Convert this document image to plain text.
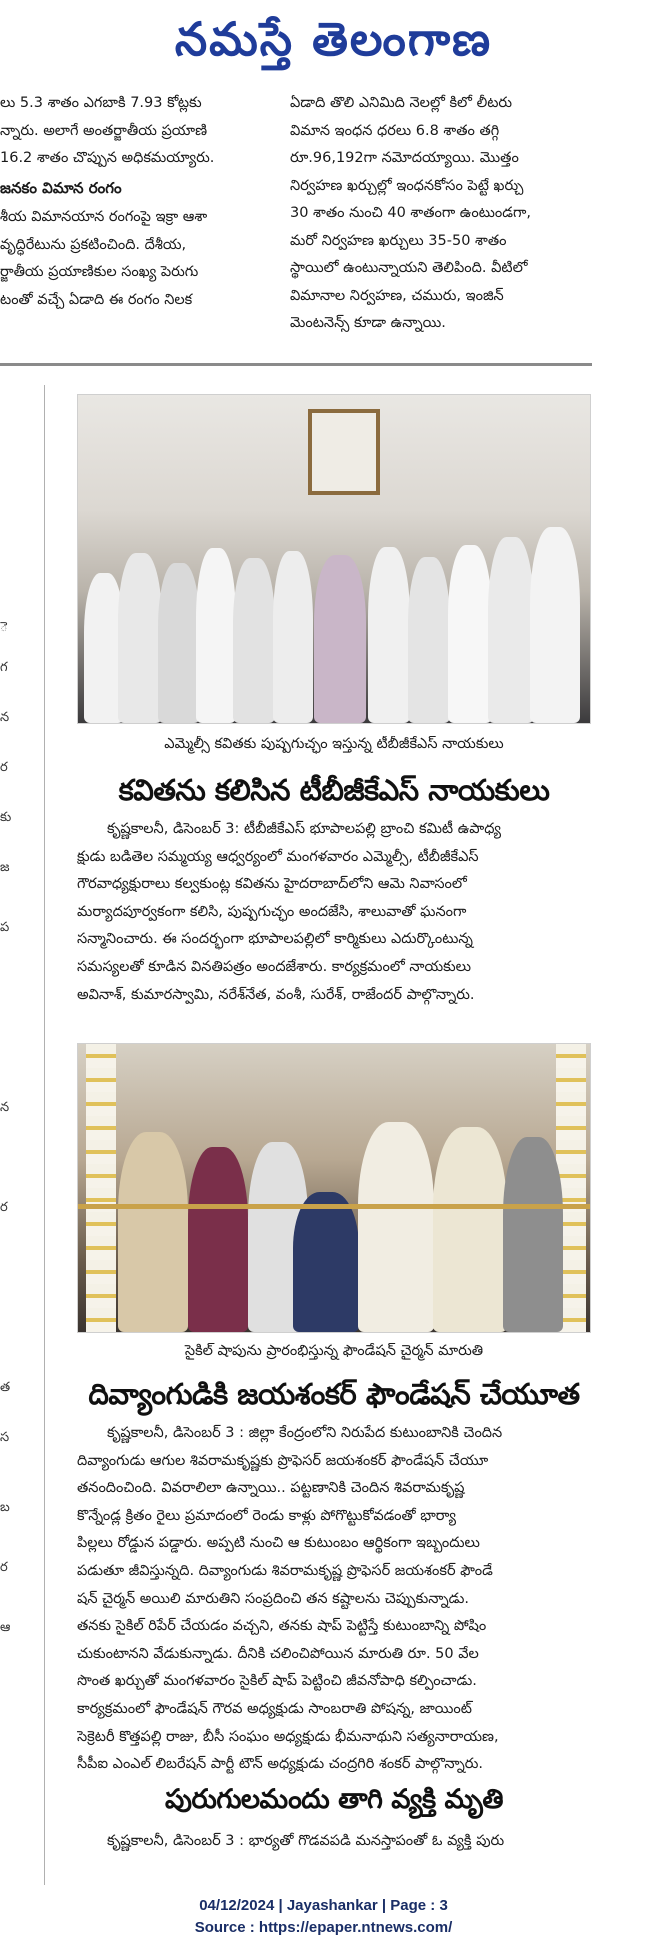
నమస్తే తెలంగాణ

లు 5.3 శాతం ఎగబాకి 7.93 కోట్లకు

న్నారు. అలాగే అంతర్జాతీయ ప్రయాణి

16.2 శాతం చొప్పున అధికమయ్యారు.

జనకం విమాన రంగం

శీయ విమానయాన రంగంపై ఇక్రా ఆశా

వృద్ధిరేటును ప్రకటించింది. దేశీయ,

ర్జాతీయ ప్రయాణికుల సంఖ్య పెరుగు

టంతో వచ్చే ఏడాది ఈ రంగం నిలక

ఏడాది తొలి ఎనిమిది నెలల్లో కిలో లీటరు

విమాన ఇంధన ధరలు 6.8 శాతం తగ్గి

రూ.96,192గా నమోదయ్యాయి. మొత్తం

నిర్వహణ ఖర్చుల్లో ఇంధనకోసం పెట్టే ఖర్చు

30 శాతం నుంచి 40 శాతంగా ఉంటుండగా,

మరో నిర్వహణ ఖర్చులు 35-50 శాతం

స్థాయిలో ఉంటున్నాయని తెలిపింది. వీటిలో

విమానాల నిర్వహణ, చమురు, ఇంజిన్

మెంటనెన్స్ కూడా ఉన్నాయి.

ె
గ
న
ర
కు
జ
ప
న
ర
త
స
బ
ర
ఆ
ఎమ్మెల్సీ కవితకు పుష్పగుచ్ఛం ఇస్తున్న టీబీజీకేఎస్ నాయకులు
కవితను కలిసిన టీబీజీకేఎస్ నాయకులు

కృష్ణకాలనీ, డిసెంబర్ 3: టీబీజీకేఎస్ భూపాలపల్లి బ్రాంచి కమిటీ ఉపాధ్య

క్షుడు బడితెల సమ్మయ్య ఆధ్వర్యంలో మంగళవారం ఎమ్మెల్సీ, టీబీజీకేఎస్

గౌరవాధ్యక్షురాలు కల్వకుంట్ల కవితను హైదరాబాద్‌లోని ఆమె నివాసంలో

మర్యాదపూర్వకంగా కలిసి, పుష్పగుచ్ఛం అందజేసి, శాలువాతో ఘనంగా

సన్మానించారు. ఈ సందర్భంగా భూపాలపల్లిలో కార్మికులు ఎదుర్కొంటున్న

సమస్యలతో కూడిన వినతిపత్రం అందజేశారు. కార్యక్రమంలో నాయకులు

అవినాశ్, కుమారస్వామి, నరేశ్‌నేత, వంశీ, సురేశ్, రాజేందర్ పాల్గొన్నారు.

సైకిల్ షాపును ప్రారంభిస్తున్న ఫౌండేషన్ చైర్మన్ మారుతి
దివ్యాంగుడికి జయశంకర్ ఫౌండేషన్ చేయూత

కృష్ణకాలనీ, డిసెంబర్ 3 : జిల్లా కేంద్రంలోని నిరుపేద కుటుంబానికి చెందిన

దివ్యాంగుడు ఆగుల శివరామకృష్ణకు ప్రొఫెసర్ జయశంకర్ ఫౌండేషన్ చేయూ

తనందించింది. వివరాలిలా ఉన్నాయి.. పట్టణానికి చెందిన శివరామకృష్ణ

కొన్నేండ్ల క్రితం రైలు ప్రమాదంలో రెండు కాళ్లు పోగొట్టుకోవడంతో భార్యా

పిల్లలు రోడ్డున పడ్డారు. అప్పటి నుంచి ఆ కుటుంబం ఆర్థికంగా ఇబ్బందులు

పడుతూ జీవిస్తున్నది. దివ్యాంగుడు శివరామకృష్ణ ప్రొఫెసర్ జయశంకర్ ఫౌండే

షన్ చైర్మన్ అయిలి మారుతిని సంప్రదించి తన కష్టాలను చెప్పుకున్నాడు.

తనకు సైకిల్ రిపేర్ చేయడం వచ్చని, తనకు షాప్ పెట్టిస్తే కుటుంబాన్ని పోషిం

చుకుంటానని వేడుకున్నాడు. దీనికి చలించిపోయిన మారుతి రూ. 50 వేల

సొంత ఖర్చుతో మంగళవారం సైకిల్ షాప్ పెట్టించి జీవనోపాధి కల్పించాడు.

కార్యక్రమంలో ఫౌండేషన్ గౌరవ అధ్యక్షుడు సాంబరాతి పోషన్న, జాయింట్

సెక్రెటరీ కొత్తపల్లి రాజు, బీసీ సంఘం అధ్యక్షుడు భీమనాథుని సత్యనారాయణ,

సీపీఐ ఎంఎల్ లిబరేషన్ పార్టీ టౌన్ అధ్యక్షుడు చంద్రగిరి శంకర్ పాల్గొన్నారు.

పురుగులమందు తాగి వ్యక్తి మృతి

కృష్ణకాలనీ, డిసెంబర్ 3 : భార్యతో గొడవపడి మనస్తాపంతో ఓ వ్యక్తి పురు

04/12/2024 | Jayashankar | Page : 3
Source : https://epaper.ntnews.com/
